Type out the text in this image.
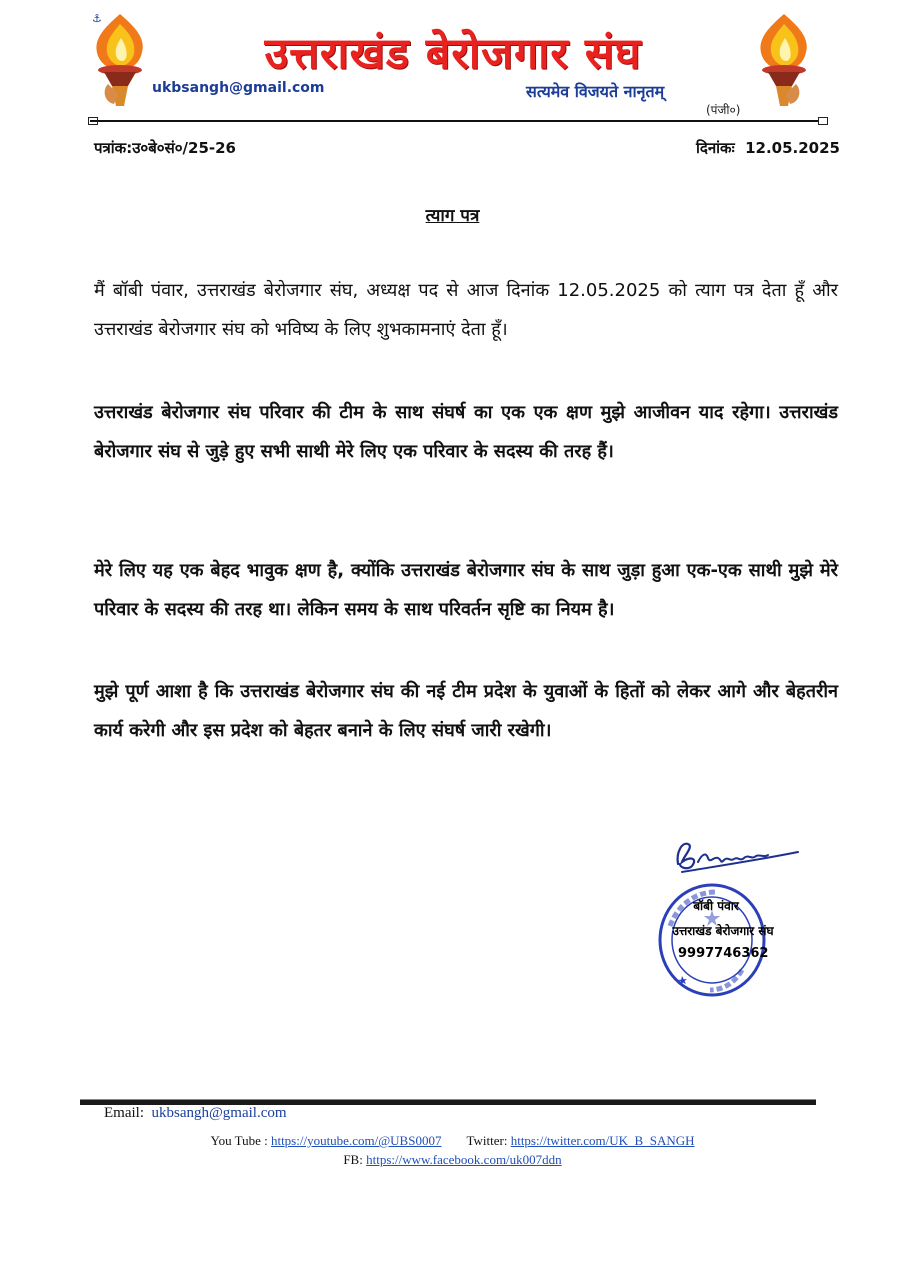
⚓
उत्तराखंड बेरोजगार संघ
ukbsangh@gmail.com	सत्यमेव विजयते नानृतम्
(पंजी०)
पत्रांक:उ०बे०सं०/25-26	दिनांकः 12.05.2025
त्याग पत्र

मैं बॉबी पंवार, उत्तराखंड बेरोजगार संघ, अध्यक्ष पद से आज दिनांक 12.05.2025 को त्याग पत्र देता हूँ और उत्तराखंड बेरोजगार संघ को भविष्य के लिए शुभकामनाएं देता हूँ।

उत्तराखंड बेरोजगार संघ परिवार की टीम के साथ संघर्ष का एक एक क्षण मुझे आजीवन याद रहेगा। उत्तराखंड बेरोजगार संघ से जुड़े हुए सभी साथी मेरे लिए एक परिवार के सदस्य की तरह हैं।

मेरे लिए यह एक बेहद भावुक क्षण है, क्योंकि उत्तराखंड बेरोजगार संघ के साथ जुड़ा हुआ एक-एक साथी मुझे मेरे परिवार के सदस्य की तरह था। लेकिन समय के साथ परिवर्तन सृष्टि का नियम है।

मुझे पूर्ण आशा है कि उत्तराखंड बेरोजगार संघ की नई टीम प्रदेश के युवाओं के हितों को लेकर आगे और बेहतरीन कार्य करेगी और इस प्रदेश को बेहतर बनाने के लिए संघर्ष जारी रखेगी।

बॉबी पंवार
उत्तराखंड बेरोजगार संघ
9997746362
Email: ukbsangh@gmail.com
You Tube : https://youtube.com/@UBS0007 Twitter: https://twitter.com/UK_B_SANGH
FB: https://www.facebook.com/uk007ddn
